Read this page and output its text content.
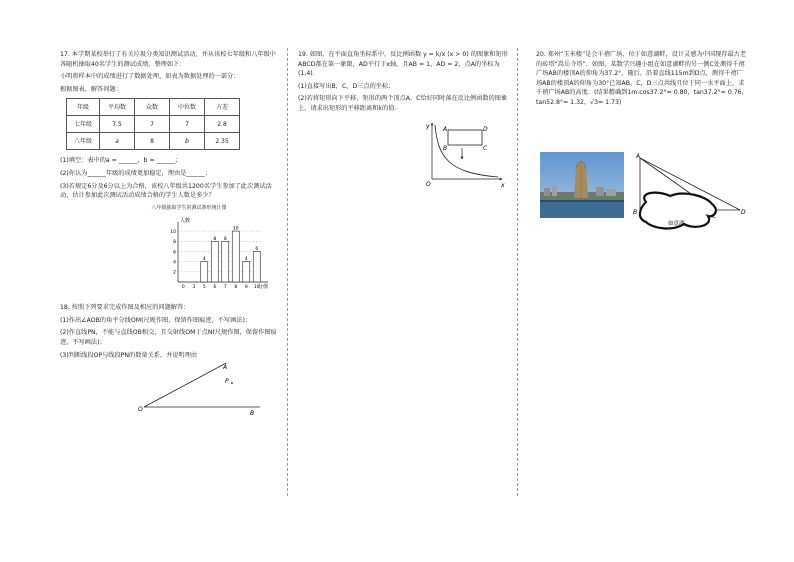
17. 本学期某校举行了有关垃圾分类知识测试活动，并从该校七年级和八年级中各随机抽取40名学生的测试成绩，整理如下：

小明将样本中的成绩进行了数据处理，如表为数据处理的一部分：

根据图表，解答问题：

年级	平均数	众数	中位数	方差
七年级	7.5	7	7	2.8
八年级	a	8	b	2.35

(1)填空：表中的a = ______，b = ______；

(2)你认为______年级的成绩更加稳定，理由是______；

(3)若规定6分及6分以上为合格，该校八年级共1200名学生参加了此次测试活动，估计参加此次测试活动成绩合格的学生人数是多少？

八年级抽取学生的测试条形统计图
人数
分值
2
4
6
8
10
0 3 5
4
6
8
7
8
8
10
9
4
10
6

18. 按照下列要求完成作图及相应的问题解答：

(1)作出∠AOB的角平分线OM(尺规作图，保留作图痕迹，不写画法)；

(2)作直线PN，不能与直线OB相交，且交射线OM于点N(尺规作图，保留作图痕迹，不写画法)；

(3)判断线段OP与线段PN的数量关系，并说明理由

O
A
P
B

19. 如图，在平面直角坐标系中，反比例函数 y = k/x (x > 0) 的图象和矩形ABCD都在第一象限，AD平行于x轴，且AB = 1，AD = 2，点A的坐标为(1,4)．

(1)直接写出B，C，D三点的坐标；

(2)若将矩形向下平移，矩形的两个顶点A、C恰好同时落在反比例函数的图象上，请求出矩形的平移距离和k的值．

y
x
O
A
B	C
D

20. 郑州“玉米楼”是会千禧广场，位于如意湖畔，设计灵感为中国现存最古老的砖塔“嵩岳寺塔”．如图，某数学兴趣小组在如意湖畔的另一侧C处测得千禧广场AB的楼顶A的仰角为37.2°，随后，沿着直线115m到D点，测得千禧广场AB的楼顶A的仰角为30°已知AB，C，D三点共线且位于同一水平面上，求千禧广场AB的高度．(结果精确到1m.cos37.2°≈ 0.80，tan37.2°≈ 0.76，tan52.8°≈ 1.32，√3≈ 1.73)

如意湖
A
B
C
D
